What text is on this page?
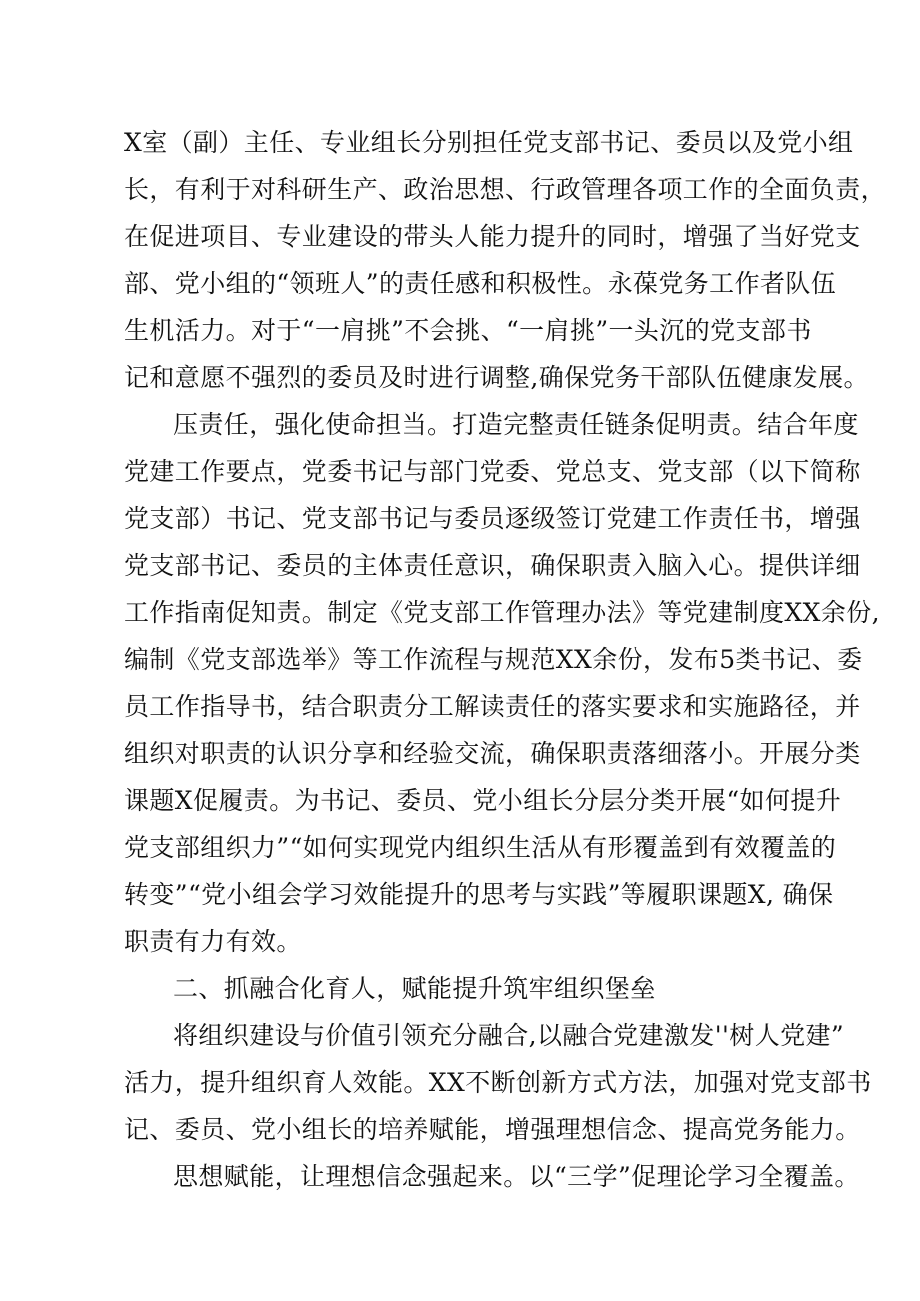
X室（副）主任、专业组长分别担任党支部书记、委员以及党小组
长，有利于对科研生产、政治思想、行政管理各项工作的全面负责，
在促进项目、专业建设的带头人能力提升的同时，增强了当好党支
部、党小组的“领班人”的责任感和积极性。永葆党务工作者队伍
生机活力。对于“一肩挑”不会挑、“一肩挑”一头沉的党支部书
记和意愿不强烈的委员及时进行调整,确保党务干部队伍健康发展。
压责任，强化使命担当。打造完整责任链条促明责。结合年度
党建工作要点，党委书记与部门党委、党总支、党支部（以下简称
党支部）书记、党支部书记与委员逐级签订党建工作责任书，增强
党支部书记、委员的主体责任意识，确保职责入脑入心。提供详细
工作指南促知责。制定《党支部工作管理办法》等党建制度XX余份,
编制《党支部选举》等工作流程与规范XX余份，发布5类书记、委
员工作指导书，结合职责分工解读责任的落实要求和实施路径，并
组织对职责的认识分享和经验交流，确保职责落细落小。开展分类
课题X促履责。为书记、委员、党小组长分层分类开展“如何提升
党支部组织力”“如何实现党内组织生活从有形覆盖到有效覆盖的
转变”“党小组会学习效能提升的思考与实践”等履职课题X, 确保
职责有力有效。
二、抓融合化育人，赋能提升筑牢组织堡垒
将组织建设与价值引领充分融合,以融合党建激发''树人党建”
活力，提升组织育人效能。XX不断创新方式方法，加强对党支部书
记、委员、党小组长的培养赋能，增强理想信念、提高党务能力。
思想赋能，让理想信念强起来。以“三学”促理论学习全覆盖。
